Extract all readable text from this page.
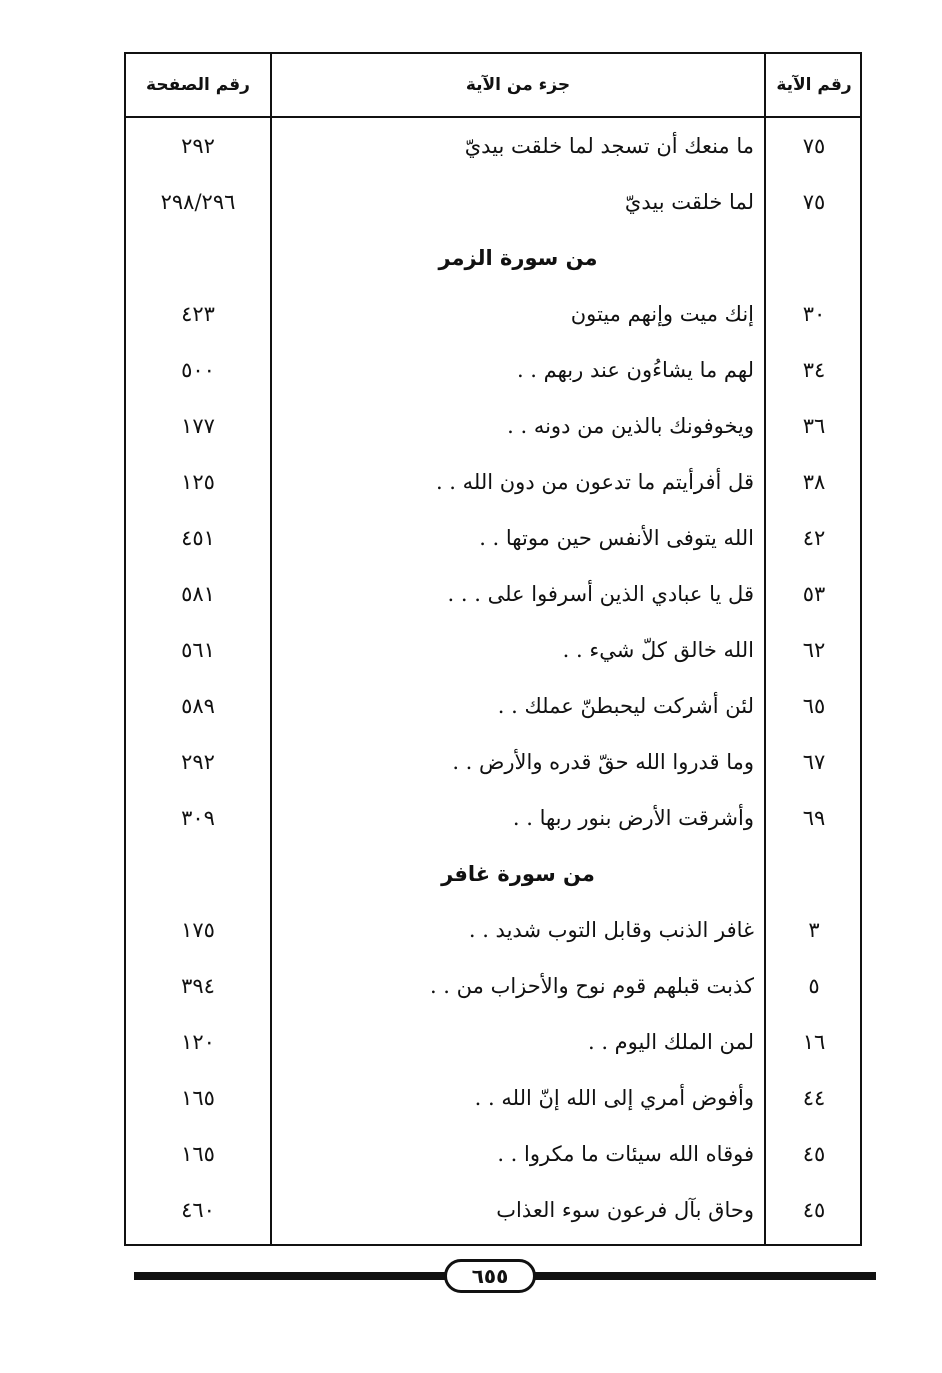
رقم الآية
جزء من الآية
رقم الصفحة
٧٥
ما منعك أن تسجد لما خلقت بيديّ
٢٩٢
٧٥
لما خلقت بيديّ
٢٩٨/٢٩٦
من سورة الزمر
٣٠
إنك ميت وإنهم ميتون
٤٢٣
٣٤
لهم ما يشاءُون عند ربهم . .
٥٠٠
٣٦
ويخوفونك بالذين من دونه . .
١٧٧
٣٨
قل أفرأيتم ما تدعون من دون الله . .
١٢٥
٤٢
الله يتوفى الأنفس حين موتها . .
٤٥١
٥٣
قل يا عبادي الذين أسرفوا على . . .
٥٨١
٦٢
الله خالق كلّ شيء . .
٥٦١
٦٥
لئن أشركت ليحبطنّ عملك . .
٥٨٩
٦٧
وما قدروا الله حقّ قدره والأرض . .
٢٩٢
٦٩
وأشرقت الأرض بنور ربها . .
٣٠٩
من سورة غافر
٣
غافر الذنب وقابل التوب شديد . .
١٧٥
٥
كذبت قبلهم قوم نوح والأحزاب من . .
٣٩٤
١٦
لمن الملك اليوم . .
١٢٠
٤٤
وأفوض أمري إلى الله إنّ الله . .
١٦٥
٤٥
فوقاه الله سيئات ما مكروا . .
١٦٥
٤٥
وحاق بآل فرعون سوء العذاب
٤٦٠
٦٥٥
